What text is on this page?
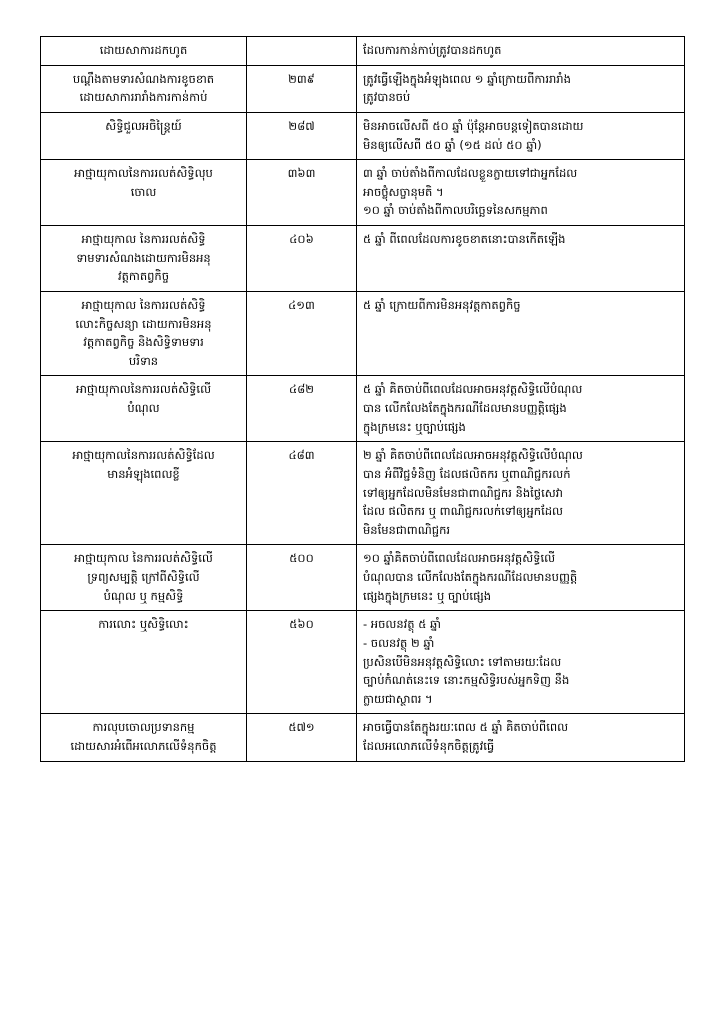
ដោយសាការដកហូត		ដែលការកាន់កាប់ត្រូវបានដកហូត

បណ្ដឹងតាមទារសំណងការខូចខាត
ដោយសាការរារាំងការកាន់កាប់	២៣៩	ត្រូវធ្វើឡើងក្នុងអំឡុងពេល ១ ឆ្នាំក្រោយពីការរារាំង
ត្រូវបានចប់

សិទ្ធិជួលអចិន្ត្រៃយ៍	២៨៧	មិនអាចលើសពី ៥០ ឆ្នាំ ប៉ុន្តែអាចបន្តទៀតបានដោយ
មិនឲ្យលើសពី ៥០ ឆ្នាំ (១៥ ដល់ ៥០ ឆ្នាំ)

អាថ្មាយុកាលនៃការរលត់សិទ្ធិលុប
ចោល	៣៦៣	៣ ឆ្នាំ ចាប់តាំងពីកាលដែលខ្លួនក្លាយទៅជាអ្នកដែល
អាចថ្លុំសច្ចានុមតិ ។
១០ ឆ្នាំ ចាប់តាំងពីកាលបរិច្ឆេទនៃសកម្មភាព

អាថ្មាយុកាល នៃការរលត់សិទ្ធិ
ទាមទារសំណងដោយការមិនអនុ
វត្តកាតព្វកិច្ច	៤០៦	៥ ឆ្នាំ ពីពេលដែលការខូចខាតនោះបានកើតឡើង

អាថ្មាយុកាល នៃការរលត់សិទ្ធិ
លោះកិច្ចសន្យា ដោយការមិនអនុ
វត្តកាតព្វកិច្ច និងសិទ្ធិទាមទារ
បរិទាន	៤១៣	៥ ឆ្នាំ ក្រោយពីការមិនអនុវត្តកាតព្វកិច្ច

អាថ្មាយុកាលនៃការរលត់សិទ្ធិលើ
បំណុល	៤៨២	៥ ឆ្នាំ គិតចាប់ពីពេលដែលអាចអនុវត្តសិទ្ធិលើបំណុល
បាន លើកលែងតែក្នុងករណីដែលមានបញ្ញត្តិផ្សេង
ក្នុងក្រមនេះ ឬច្បាប់ផ្សេង

អាថ្មាយុកាលនៃការរលត់សិទ្ធិដែល
មានអំឡុងពេលខ្លី	៤៨៣	២ ឆ្នាំ គិតចាប់ពីពេលដែលអាចអនុវត្តសិទ្ធិលើបំណុល
បាន អំពីវិជ្ជទំនិញ ដែលផលិតករ ឬពាណិជ្ជករលក់
ទៅឲ្យអ្នកដែលមិនមែនជាពាណិជ្ជករ និងថ្លៃសេវា
ដែល ផលិតករ ឬ ពាណិជ្ជករលក់ទៅឲ្យអ្នកដែល
មិនមែនជាពាណិជ្ជករ

អាថ្មាយុកាល នៃការរលត់សិទ្ធិលើ
ទ្រព្យសម្បត្តិ ក្រៅពីសិទ្ធិលើ
បំណុល ឬ កម្មសិទ្ធិ	៥០០	១០ ឆ្នាំគិតចាប់ពីពេលដែលអាចអនុវត្តសិទ្ធិលើ
បំណុលបាន លើកលែងតែក្នុងករណីដែលមានបញ្ញត្តិ
ផ្សេងក្នុងក្រមនេះ ឬ ច្បាប់ផ្សេង

ការលោះ ឬសិទ្ធិលោះ	៥៦០	- អចលនវត្ថុ ៥ ឆ្នាំ
- ចលនវត្ថុ ២ ឆ្នាំ
ប្រសិនបើមិនអនុវត្តសិទ្ធិលោះ ទៅតាមរយៈដែល
ច្បាប់កំណត់នេះទេ នោះកម្មសិទ្ធិរបស់អ្នកទិញ នឹង
ក្លាយជាស្ថាពរ ។

ការលុបចោលប្រទានកម្ម
ដោយសារអំពើអលោភលើទំនុកចិត្ត	៥៧១	អាចធ្វើបានតែក្នុងរយៈពេល ៥ ឆ្នាំ គិតចាប់ពីពេល
ដែលអលោភលើទំនុកចិត្តត្រូវធ្វើ
